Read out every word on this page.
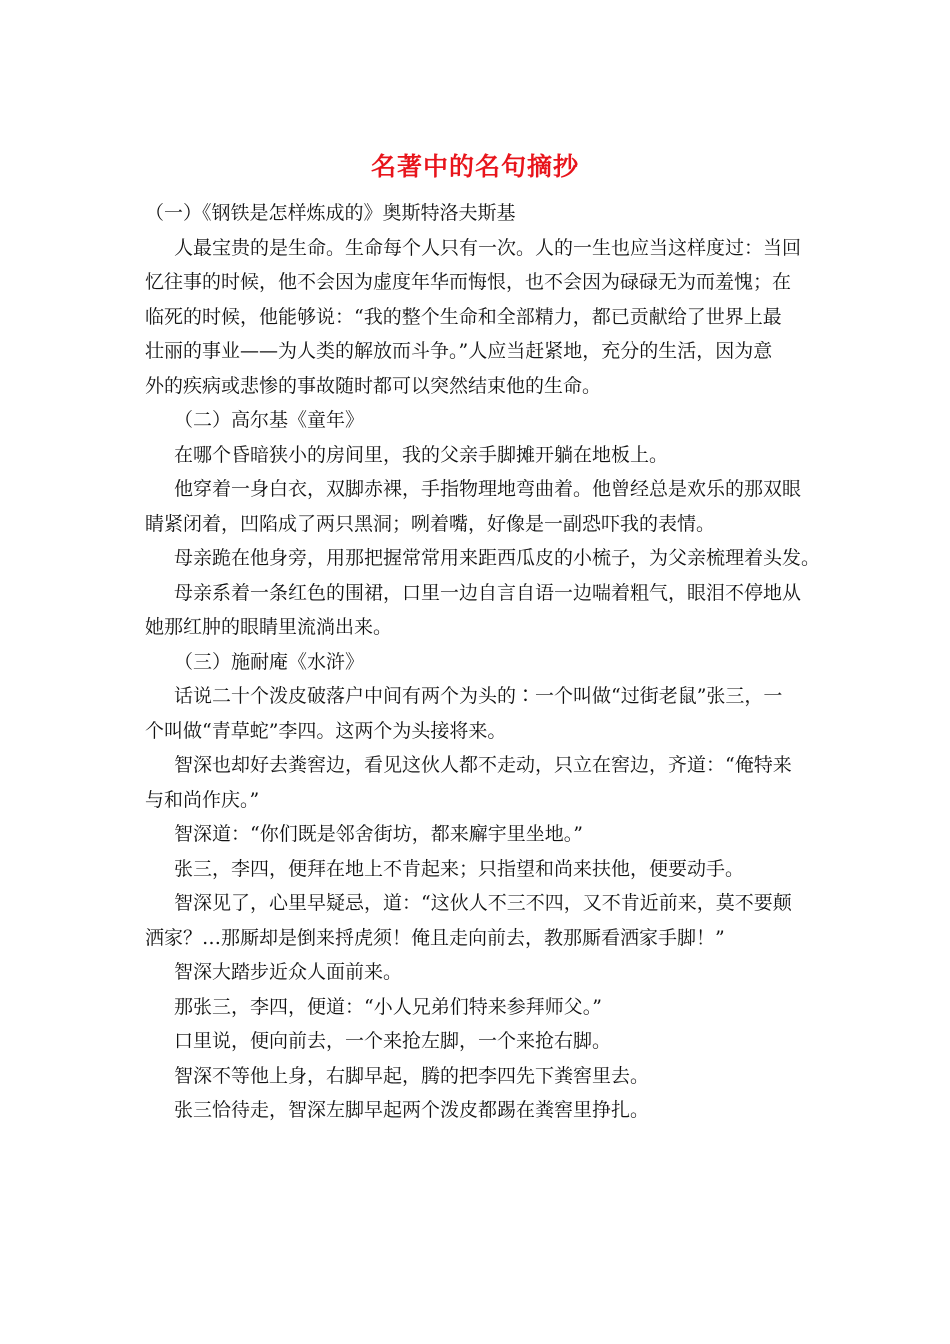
名著中的名句摘抄
（一）《钢铁是怎样炼成的》奥斯特洛夫斯基
人最宝贵的是生命。生命每个人只有一次。人的一生也应当这样度过：当回
忆往事的时候，他不会因为虚度年华而悔恨，也不会因为碌碌无为而羞愧；在
临死的时候，他能够说：“我的整个生命和全部精力，都已贡献给了世界上最
壮丽的事业——为人类的解放而斗争。”人应当赶紧地，充分的生活，因为意
外的疾病或悲惨的事故随时都可以突然结束他的生命。
（二）高尔基《童年》
在哪个昏暗狭小的房间里，我的父亲手脚摊开躺在地板上。
他穿着一身白衣，双脚赤裸，手指物理地弯曲着。他曾经总是欢乐的那双眼
睛紧闭着，凹陷成了两只黑洞；咧着嘴，好像是一副恐吓我的表情。
母亲跪在他身旁，用那把握常常用来距西瓜皮的小梳子，为父亲梳理着头发。
母亲系着一条红色的围裙，口里一边自言自语一边喘着粗气，眼泪不停地从
她那红肿的眼睛里流淌出来。
（三）施耐庵《水浒》
话说二十个泼皮破落户中间有两个为头的∶一个叫做“过街老鼠”张三，一
个叫做“青草蛇”李四。这两个为头接将来。
智深也却好去粪窖边，看见这伙人都不走动，只立在窖边，齐道：“俺特来
与和尚作庆。”
智深道：“你们既是邻舍街坊，都来廨宇里坐地。”
张三，李四，便拜在地上不肯起来；只指望和尚来扶他，便要动手。
智深见了，心里早疑忌，道：“这伙人不三不四，又不肯近前来，莫不要颠
洒家？…那厮却是倒来捋虎须！俺且走向前去，教那厮看洒家手脚！”
智深大踏步近众人面前来。
那张三，李四，便道：“小人兄弟们特来参拜师父。”
口里说，便向前去，一个来抢左脚，一个来抢右脚。
智深不等他上身，右脚早起，腾的把李四先下粪窖里去。
张三恰待走，智深左脚早起两个泼皮都踢在粪窖里挣扎。
